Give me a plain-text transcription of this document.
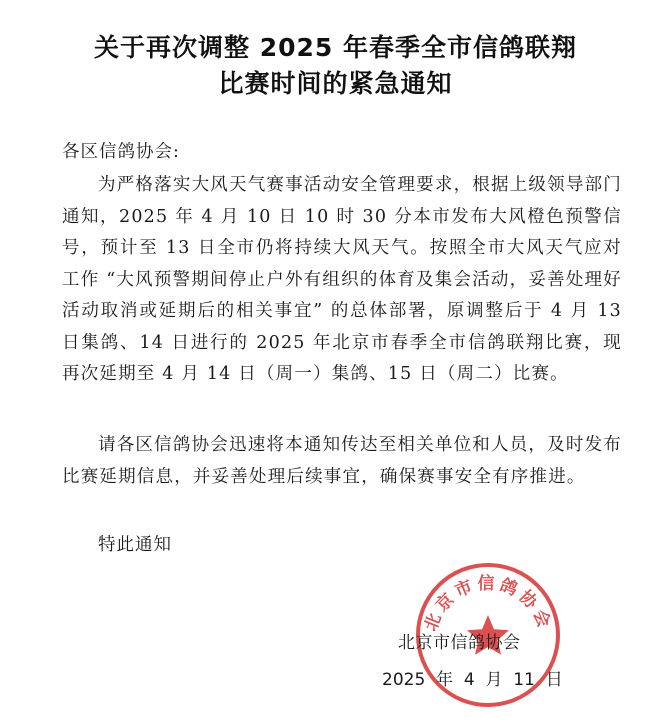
关于再次调整 2025 年春季全市信鸽联翔
比赛时间的紧急通知
各区信鸽协会:
为严格落实大风天气赛事活动安全管理要求，根据上级领导部门通知，2025 年 4 月 10 日 10 时 30 分本市发布大风橙色预警信号，预计至 13 日全市仍将持续大风天气。按照全市大风天气应对工作 “大风预警期间停止户外有组织的体育及集会活动，妥善处理好活动取消或延期后的相关事宜” 的总体部署，原调整后于 4 月 13 日集鸽、14 日进行的 2025 年北京市春季全市信鸽联翔比赛，现再次延期至 4 月 14 日（周一）集鸽、15 日（周二）比赛。
请各区信鸽协会迅速将本通知传达至相关单位和人员，及时发布比赛延期信息，并妥善处理后续事宜，确保赛事安全有序推进。
特此通知
北京市信鸽协会
北京市信鸽协会
2025  年  4  月  11  日
